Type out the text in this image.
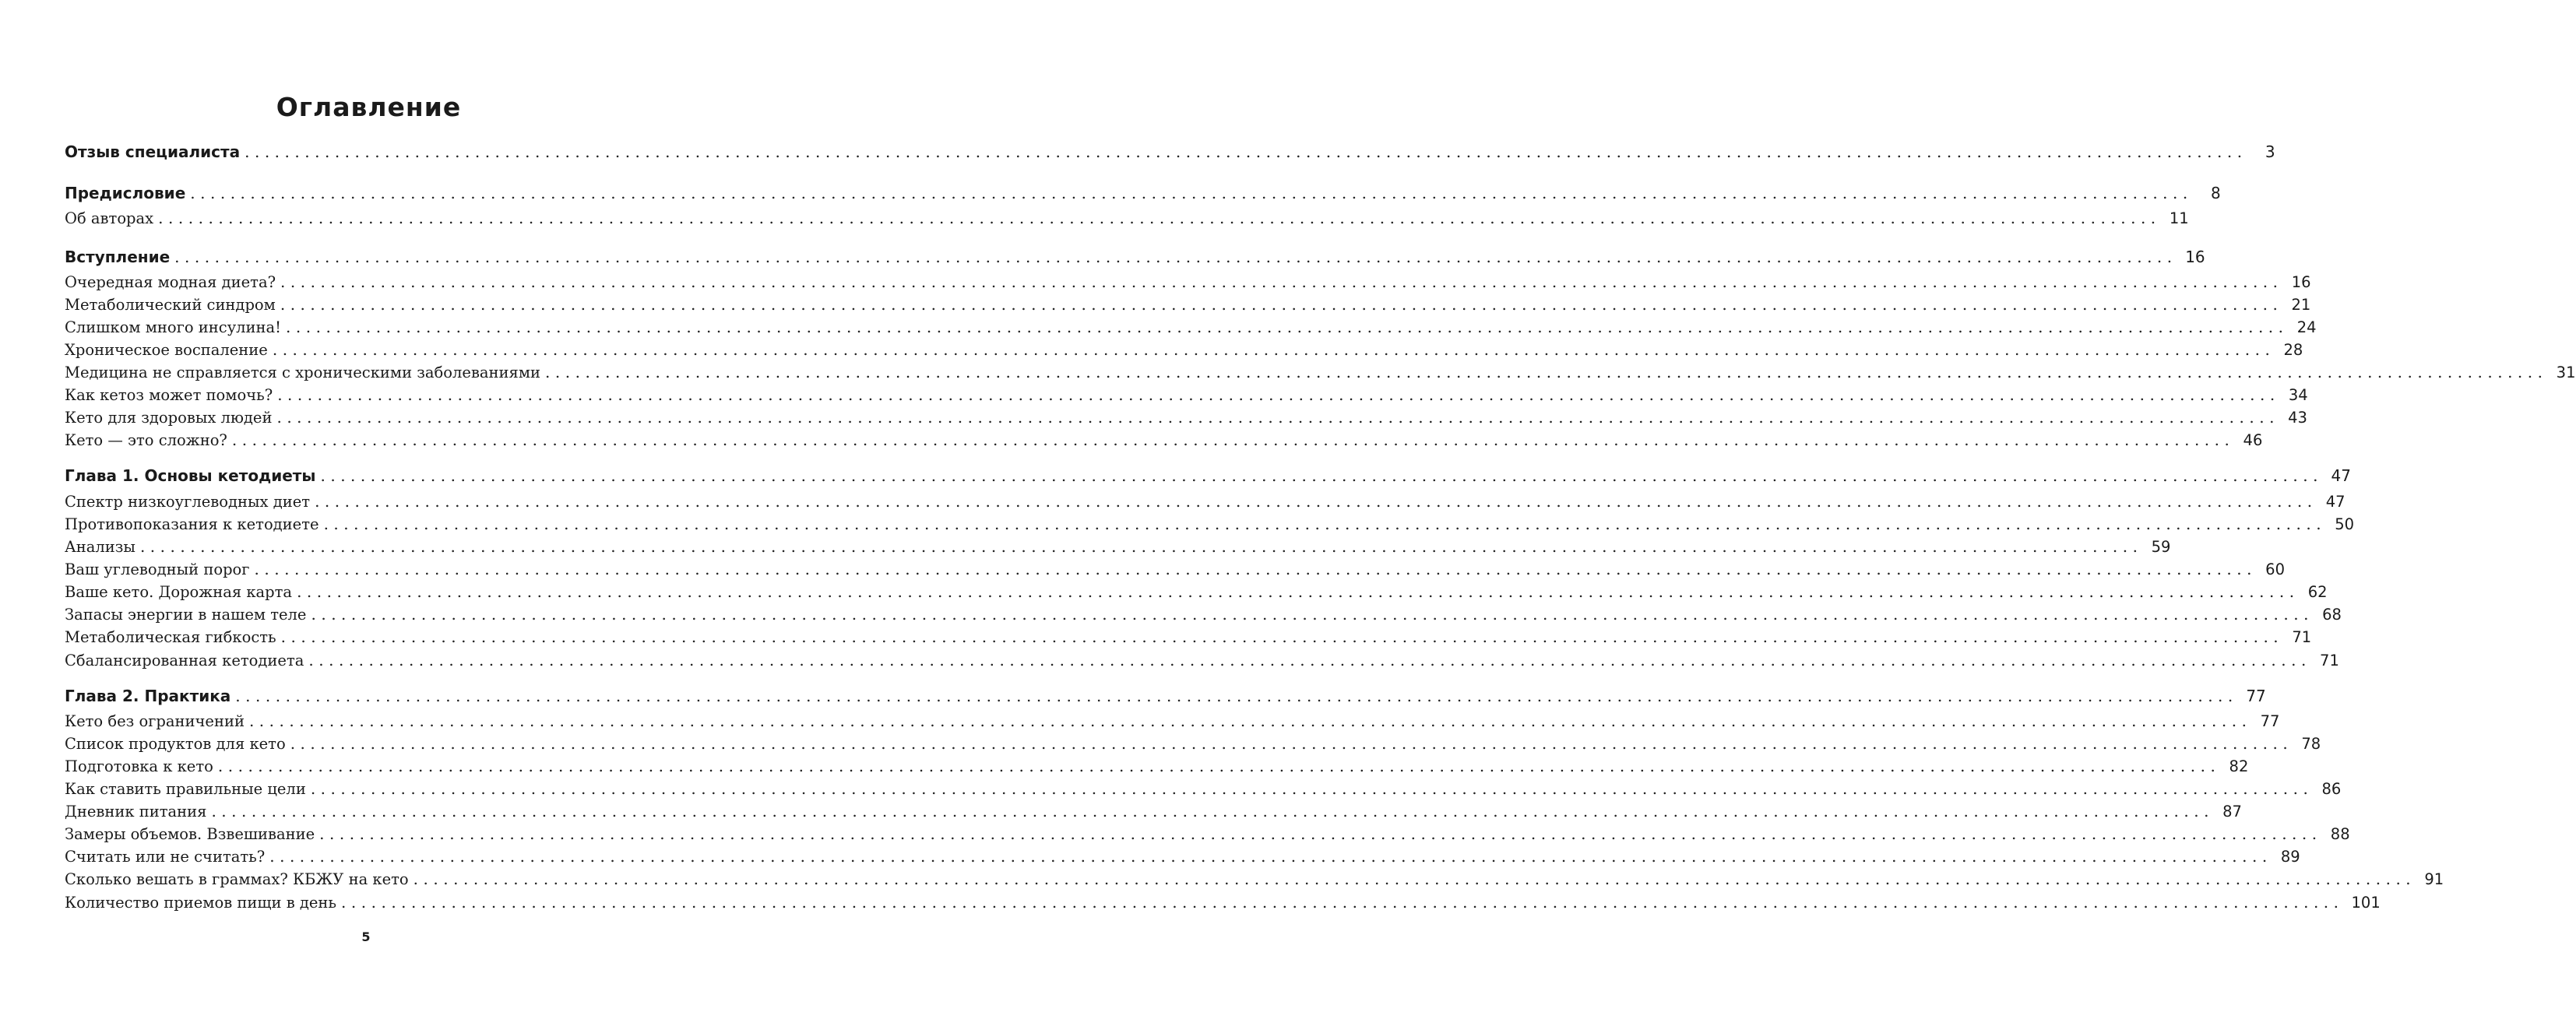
Оглавление
Отзыв специалиста ........................................................................................................................................................................................................	3
Предисловие ........................................................................................................................................................................................................	8
Об авторах ........................................................................................................................................................................................................ 11
Вступление ........................................................................................................................................................................................................ 16
Очередная модная диета? ........................................................................................................................................................................................................ 16
Метаболический синдром ........................................................................................................................................................................................................ 21
Слишком много инсулина! ........................................................................................................................................................................................................ 24
Хроническое воспаление ........................................................................................................................................................................................................ 28
Медицина не справляется с хроническими заболеваниями ........................................................................................................................................................................................................ 31
Как кетоз может помочь? ........................................................................................................................................................................................................ 34
Кето для здоровых людей ........................................................................................................................................................................................................ 43
Кето — это сложно? ........................................................................................................................................................................................................ 46
Глава 1. Основы кетодиеты ........................................................................................................................................................................................................ 47
Спектр низкоуглеводных диет ........................................................................................................................................................................................................ 47
Противопоказания к кетодиете ........................................................................................................................................................................................................ 50
Анализы ........................................................................................................................................................................................................ 59
Ваш углеводный порог ........................................................................................................................................................................................................ 60
Ваше кето. Дорожная карта ........................................................................................................................................................................................................ 62
Запасы энергии в нашем теле ........................................................................................................................................................................................................ 68
Метаболическая гибкость ........................................................................................................................................................................................................ 71
Сбалансированная кетодиета ........................................................................................................................................................................................................ 71
Глава 2. Практика ........................................................................................................................................................................................................ 77
Кето без ограничений ........................................................................................................................................................................................................ 77
Список продуктов для кето ........................................................................................................................................................................................................ 78
Подготовка к кето ........................................................................................................................................................................................................ 82
Как ставить правильные цели ........................................................................................................................................................................................................ 86
Дневник питания ........................................................................................................................................................................................................ 87
Замеры объемов. Взвешивание ........................................................................................................................................................................................................ 88
Считать или не считать? ........................................................................................................................................................................................................ 89
Сколько вешать в граммах? КБЖУ на кето ........................................................................................................................................................................................................ 91
Количество приемов пищи в день ........................................................................................................................................................................................................ 101
5
